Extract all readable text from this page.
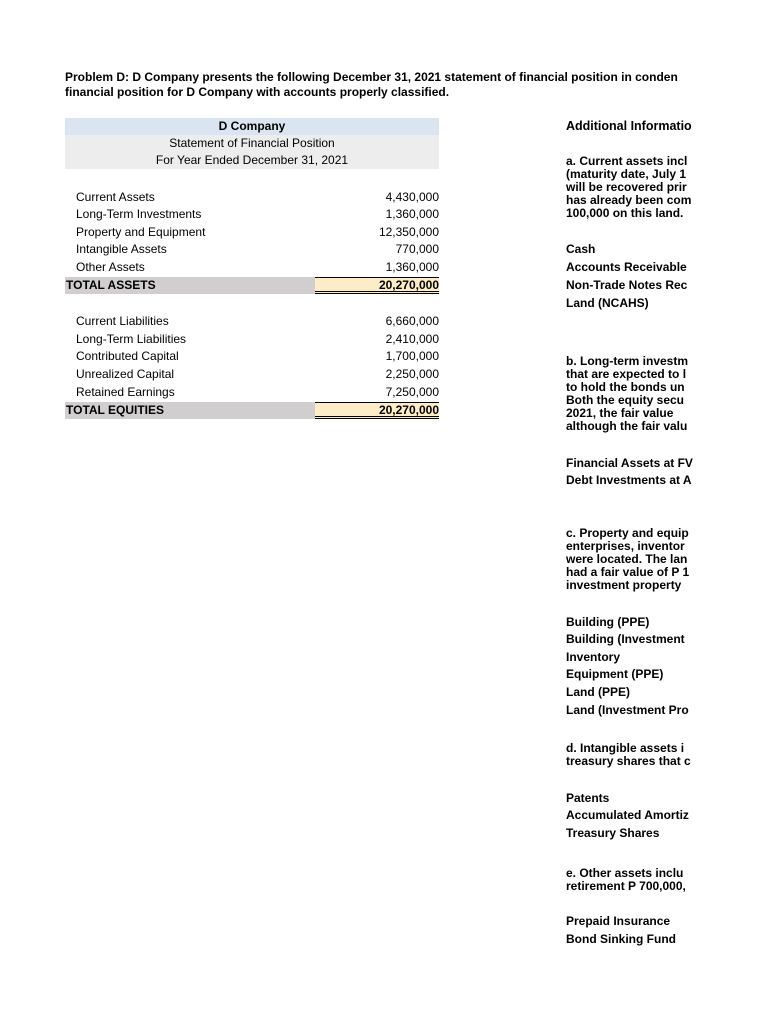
Problem D: D Company presents the following December 31, 2021 statement of financial position in conden
financial position for D Company with accounts properly classified.
D Company
Statement of Financial Position
For Year Ended December 31, 2021
Current Assets	4,430,000
Long-Term Investments	1,360,000
Property and Equipment	12,350,000
Intangible Assets	770,000
Other Assets	1,360,000
TOTAL ASSETS	20,270,000
Current Liabilities	6,660,000
Long-Term Liabilities	2,410,000
Contributed Capital	1,700,000
Unrealized Capital	2,250,000
Retained Earnings	7,250,000
TOTAL EQUITIES	20,270,000
Additional Informatio
a. Current assets incl
(maturity date, July 1
will be recovered prir
has already been com
100,000 on this land.
Cash
Accounts Receivable
Non-Trade Notes Rec
Land (NCAHS)
b. Long-term investm
that are expected to l
to hold the bonds un
Both the equity secu
2021, the fair value
although the fair valu
Financial Assets at FV
Debt Investments at A
c. Property and equip
enterprises, inventor
were located. The lan
had a fair value of P 1
investment property
Building (PPE)
Building (Investment
Inventory
Equipment (PPE)
Land (PPE)
Land (Investment Pro
d. Intangible assets i
treasury shares that c
Patents
Accumulated Amortiz
Treasury Shares
e. Other assets inclu
retirement P 700,000,
Prepaid Insurance
Bond Sinking Fund
